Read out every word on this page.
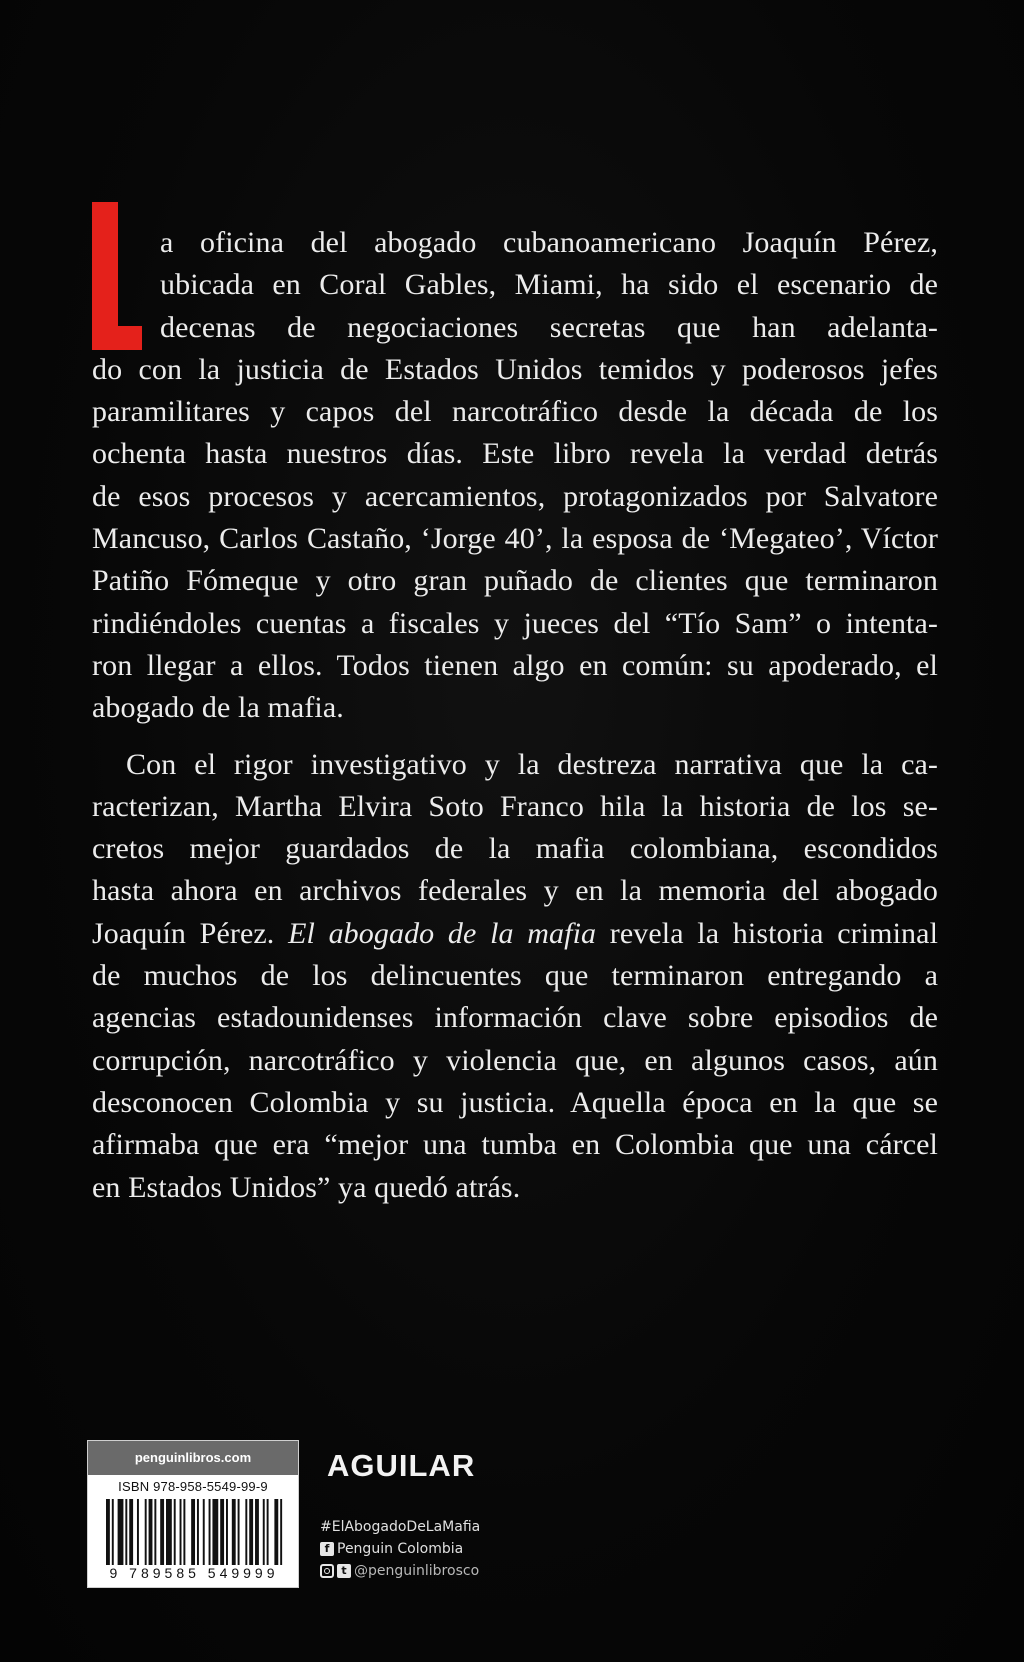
a oficina del abogado cubanoamericano Joaquín Pérez,
ubicada en Coral Gables, Miami, ha sido el escenario de
decenas de negociaciones secretas que han adelanta-
do con la justicia de Estados Unidos temidos y poderosos jefes
paramilitares y capos del narcotráfico desde la década de los
ochenta hasta nuestros días. Este libro revela la verdad detrás
de esos procesos y acercamientos, protagonizados por Salvatore
Mancuso, Carlos Castaño, ‘Jorge 40’, la esposa de ‘Megateo’, Víctor
Patiño Fómeque y otro gran puñado de clientes que terminaron
rindiéndoles cuentas a fiscales y jueces del “Tío Sam” o intenta-
ron llegar a ellos. Todos tienen algo en común: su apoderado, el
abogado de la mafia.

Con el rigor investigativo y la destreza narrativa que la ca-
racterizan, Martha Elvira Soto Franco hila la historia de los se-
cretos mejor guardados de la mafia colombiana, escondidos
hasta ahora en archivos federales y en la memoria del abogado
Joaquín Pérez. El abogado de la mafia revela la historia criminal
de muchos de los delincuentes que terminaron entregando a
agencias estadounidenses información clave sobre episodios de
corrupción, narcotráfico y violencia que, en algunos casos, aún
desconocen Colombia y su justicia. Aquella época en la que se
afirmaba que era “mejor una tumba en Colombia que una cárcel
en Estados Unidos” ya quedó atrás.

penguinlibros.com
ISBN 978-958-5549-99-9
9 789585 549999
AGUILAR
#ElAbogadoDeLaMafia
f Penguin Colombia
t @penguinlibrosco
